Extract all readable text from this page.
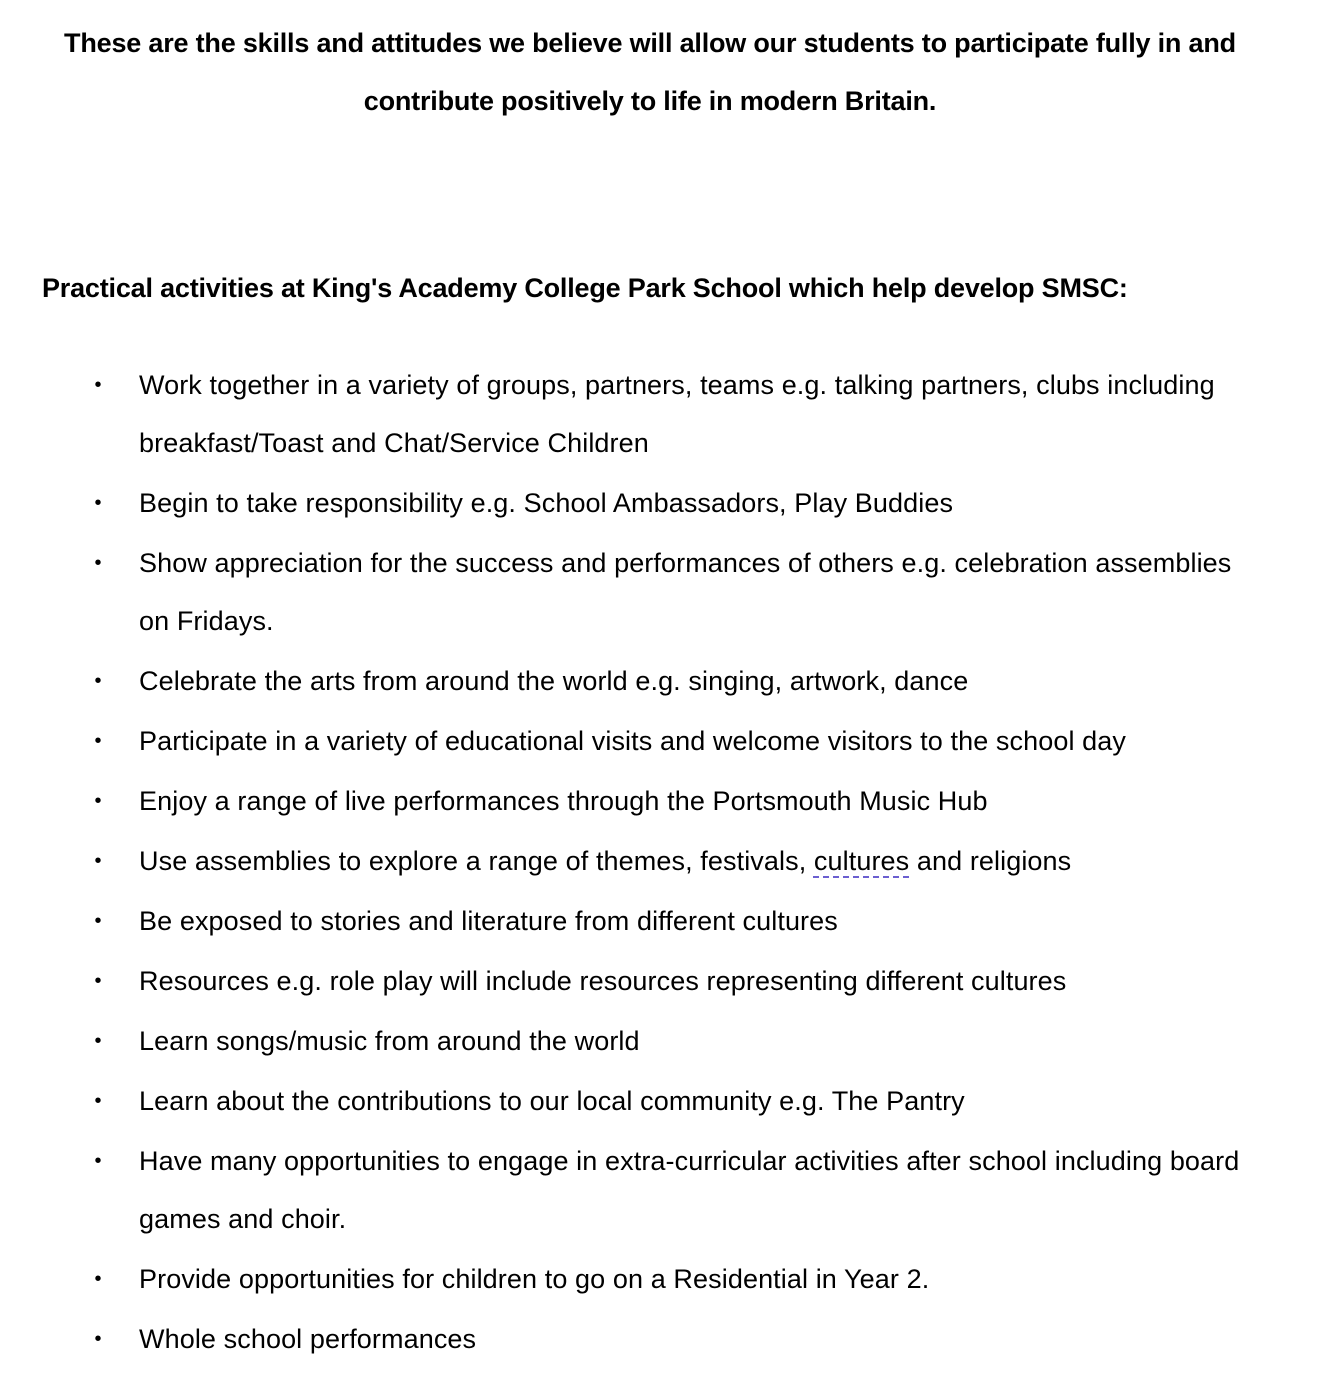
These are the skills and attitudes we believe will allow our students to participate fully in and contribute positively to life in modern Britain.

Practical activities at King's Academy College Park School which help develop SMSC:

• Work together in a variety of groups, partners, teams e.g. talking partners, clubs including breakfast/Toast and Chat/Service Children
• Begin to take responsibility e.g. School Ambassadors, Play Buddies
• Show appreciation for the success and performances of others e.g. celebration assemblies on Fridays.
• Celebrate the arts from around the world e.g. singing, artwork, dance
• Participate in a variety of educational visits and welcome visitors to the school day
• Enjoy a range of live performances through the Portsmouth Music Hub
• Use assemblies to explore a range of themes, festivals, cultures and religions
• Be exposed to stories and literature from different cultures
• Resources e.g. role play will include resources representing different cultures
• Learn songs/music from around the world
• Learn about the contributions to our local community e.g. The Pantry
• Have many opportunities to engage in extra-curricular activities after school including board games and choir.
• Provide opportunities for children to go on a Residential in Year 2.
• Whole school performances
